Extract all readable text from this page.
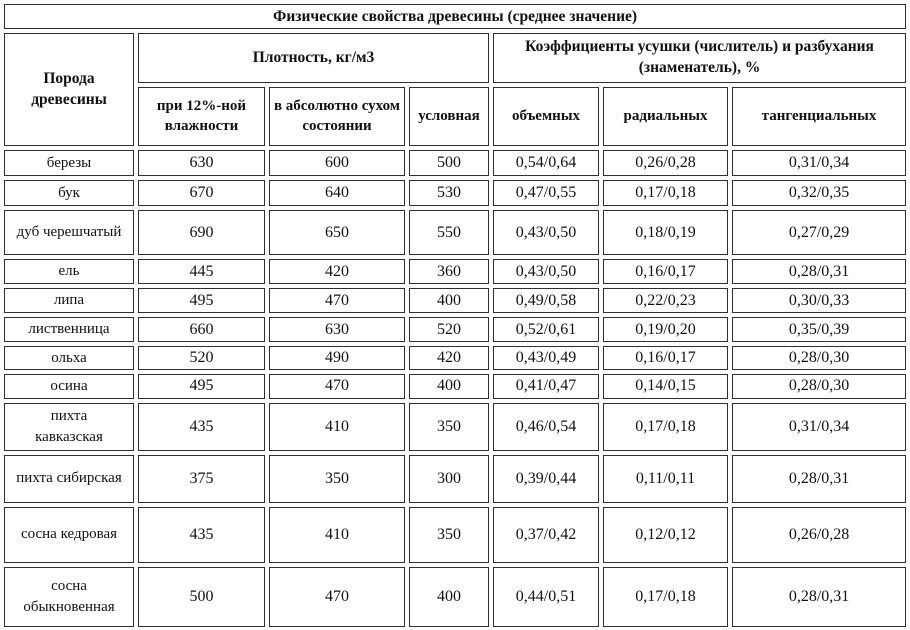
Физические свойства древесины (среднее значение)						
Порода древесины	Плотность, кг/м3			Коэффициенты усушки (числитель) и разбухания (знаменатель), %		
	при 12%-ной влажности	в абсолютно сухом состоянии	условная	объемных	радиальных	тангенциальных
березы	630	600	500	0,54/0,64	0,26/0,28	0,31/0,34
бук	670	640	530	0,47/0,55	0,17/0,18	0,32/0,35
дуб черешчатый	690	650	550	0,43/0,50	0,18/0,19	0,27/0,29
ель	445	420	360	0,43/0,50	0,16/0,17	0,28/0,31
липа	495	470	400	0,49/0,58	0,22/0,23	0,30/0,33
лиственница	660	630	520	0,52/0,61	0,19/0,20	0,35/0,39
ольха	520	490	420	0,43/0,49	0,16/0,17	0,28/0,30
осина	495	470	400	0,41/0,47	0,14/0,15	0,28/0,30
пихта кавказская	435	410	350	0,46/0,54	0,17/0,18	0,31/0,34
пихта сибирская	375	350	300	0,39/0,44	0,11/0,11	0,28/0,31
сосна кедровая	435	410	350	0,37/0,42	0,12/0,12	0,26/0,28
сосна обыкновенная	500	470	400	0,44/0,51	0,17/0,18	0,28/0,31
